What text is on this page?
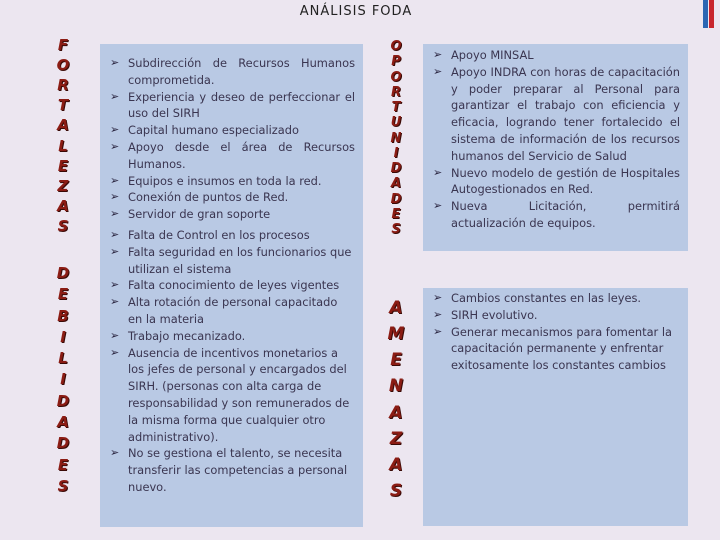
ANÁLISIS FODA
F
O
R
T
A
L
E
Z
A
S
D
E
B
I
L
I
D
A
D
E
S
O
P
O
R
T
U
N
I
D
A
D
E
S
A
M
E
N
A
Z
A
S
➢ Subdirección de Recursos Humanos comprometida.
➢ Experiencia y deseo de perfeccionar el uso del SIRH
➢ Capital humano especializado
➢ Apoyo desde el área de Recursos Humanos.
➢ Equipos e insumos en toda la red.
➢ Conexión de puntos de Red.
➢ Servidor de gran soporte
➢ Falta de Control en los procesos
➢ Falta seguridad en los funcionarios que utilizan el sistema
➢ Falta conocimiento de leyes vigentes
➢ Alta rotación de personal capacitado en la materia
➢ Trabajo mecanizado.
➢ Ausencia de incentivos monetarios a los jefes de personal y encargados del SIRH. (personas con alta carga de responsabilidad y son remunerados de la misma forma que cualquier otro administrativo).
➢ No se gestiona el talento, se necesita transferir las competencias a personal nuevo.
➢ Apoyo MINSAL
➢ Apoyo INDRA con horas de capacitación y poder preparar al Personal para garantizar el trabajo con eficiencia y eficacia, logrando tener fortalecido el sistema de información de los recursos humanos del Servicio de Salud
➢ Nuevo modelo de gestión de Hospitales Autogestionados en Red.
➢ Nueva Licitación, permitirá actualización de equipos.
➢ Cambios constantes en las leyes.
➢ SIRH evolutivo.
➢ Generar mecanismos para fomentar la capacitación permanente y enfrentar exitosamente los constantes cambios
